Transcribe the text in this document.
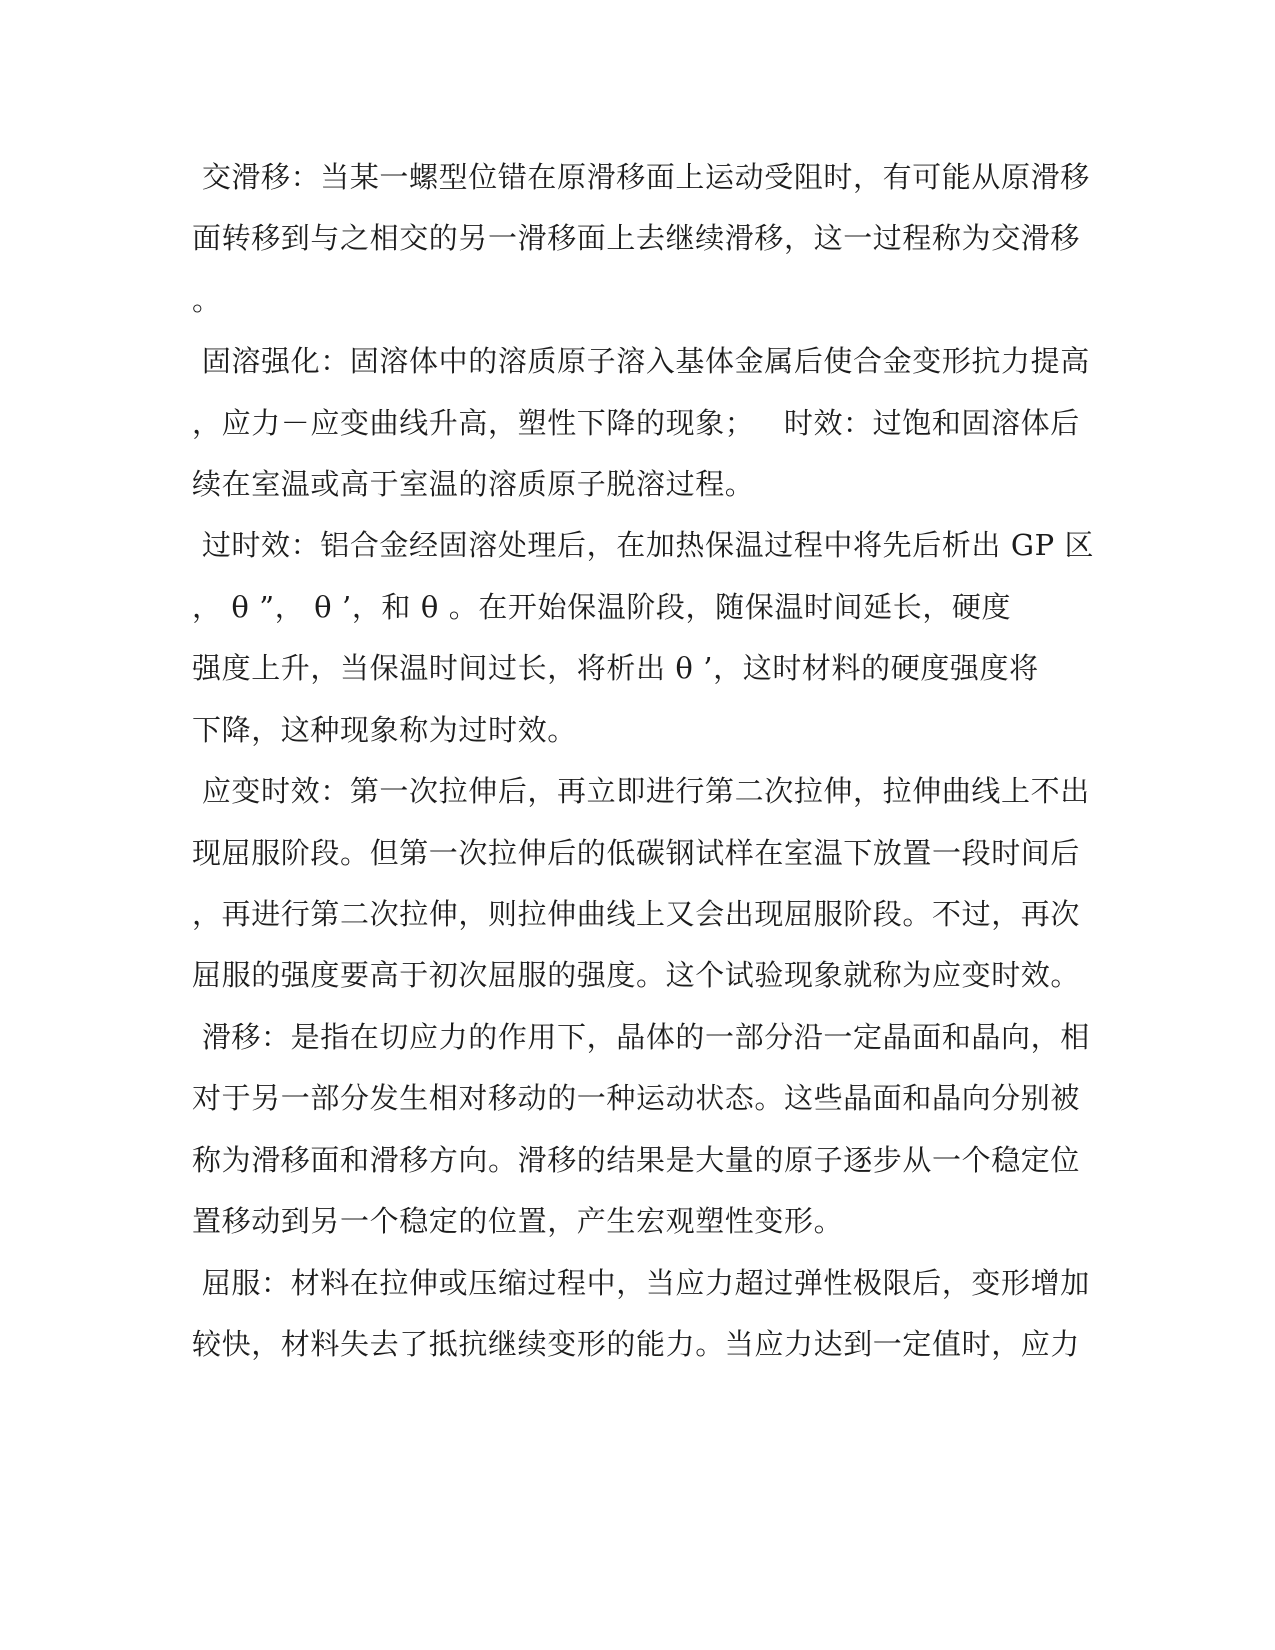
交滑移：当某一螺型位错在原滑移面上运动受阻时，有可能从原滑移
面转移到与之相交的另一滑移面上去继续滑移，这一过程称为交滑移
。
固溶强化：固溶体中的溶质原子溶入基体金属后使合金变形抗力提高
，应力－应变曲线升高，塑性下降的现象；   时效：过饱和固溶体后
续在室温或高于室温的溶质原子脱溶过程。
过时效：铝合金经固溶处理后，在加热保温过程中将先后析出 GP 区
， θ ”， θ ’，和 θ 。在开始保温阶段，随保温时间延长，硬度
强度上升，当保温时间过长，将析出 θ ’，这时材料的硬度强度将
下降，这种现象称为过时效。
应变时效：第一次拉伸后，再立即进行第二次拉伸，拉伸曲线上不出
现屈服阶段。但第一次拉伸后的低碳钢试样在室温下放置一段时间后
，再进行第二次拉伸，则拉伸曲线上又会出现屈服阶段。不过，再次
屈服的强度要高于初次屈服的强度。这个试验现象就称为应变时效。
滑移：是指在切应力的作用下，晶体的一部分沿一定晶面和晶向，相
对于另一部分发生相对移动的一种运动状态。这些晶面和晶向分别被
称为滑移面和滑移方向。滑移的结果是大量的原子逐步从一个稳定位
置移动到另一个稳定的位置，产生宏观塑性变形。
屈服：材料在拉伸或压缩过程中，当应力超过弹性极限后，变形增加
较快，材料失去了抵抗继续变形的能力。当应力达到一定值时，应力
